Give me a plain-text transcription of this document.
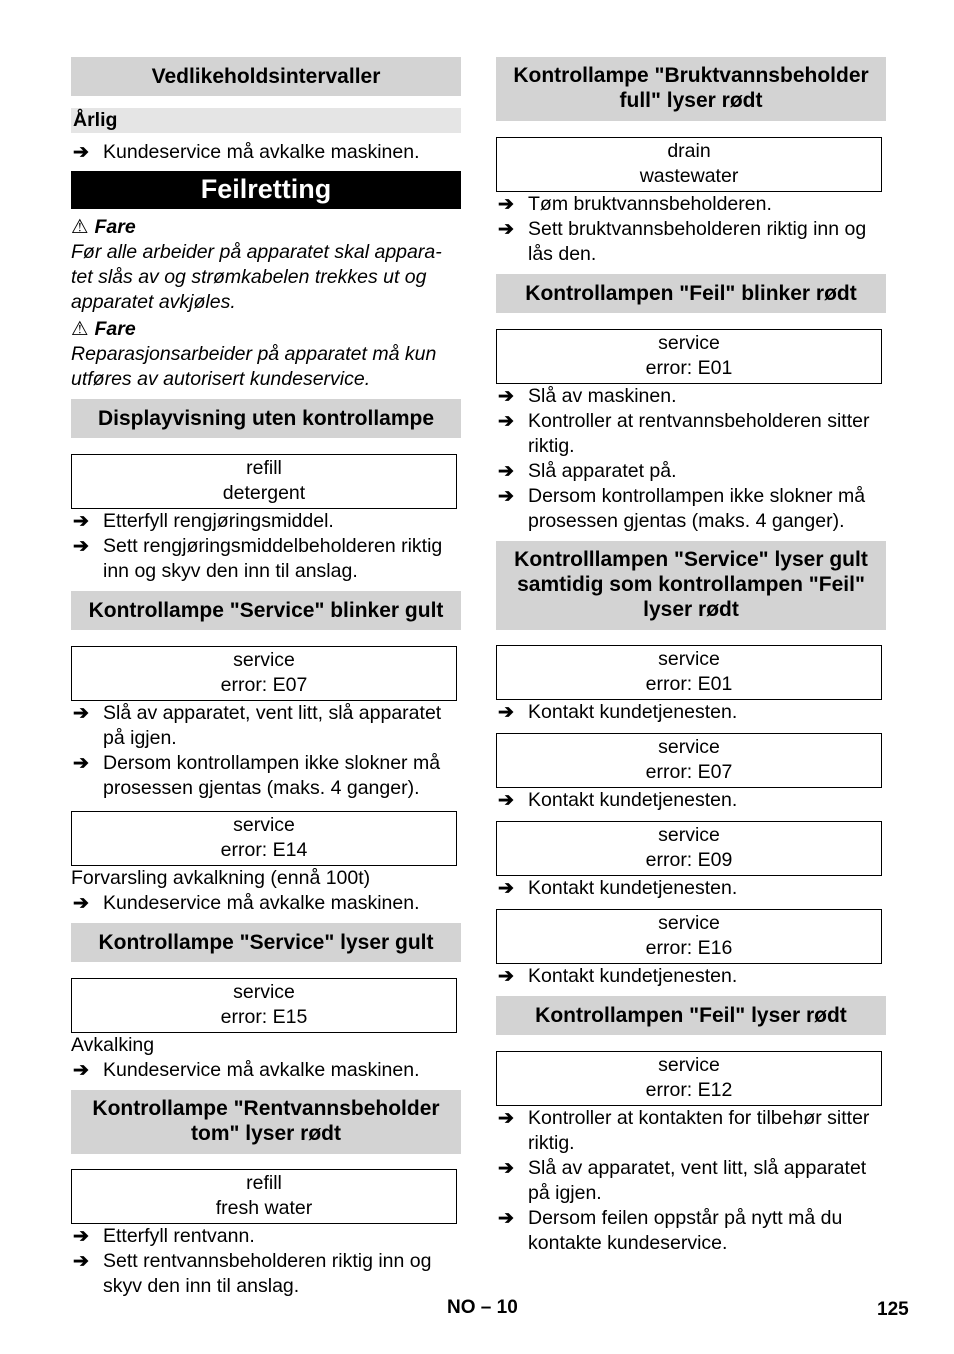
Vedlikeholdsintervaller
Årlig
➔ Kundeservice må avkalke maskinen.
Feilretting
⚠ Fare
Før alle arbeider på apparatet skal appara-
tet slås av og strømkabelen trekkes ut og
apparatet avkjøles.
⚠ Fare
Reparasjonsarbeider på apparatet må kun
utføres av autorisert kundeservice.
Displayvisning uten kontrollampe
refill
detergent
➔ Etterfyll rengjøringsmiddel.
➔ Sett rengjøringsmiddelbeholderen riktig
inn og skyv den inn til anslag.
Kontrollampe "Service" blinker gult
service
error: E07
➔ Slå av apparatet, vent litt, slå apparatet
på igjen.
➔ Dersom kontrollampen ikke slokner må
prosessen gjentas (maks. 4 ganger).
service
error: E14
Forvarsling avkalkning (ennå 100t)
➔ Kundeservice må avkalke maskinen.
Kontrollampe "Service" lyser gult
service
error: E15
Avkalking
➔ Kundeservice må avkalke maskinen.
Kontrollampe "Rentvannsbeholder
tom" lyser rødt
refill
fresh water
➔ Etterfyll rentvann.
➔ Sett rentvannsbeholderen riktig inn og
skyv den inn til anslag.
Kontrollampe "Bruktvannsbeholder
full" lyser rødt
drain
wastewater
➔ Tøm bruktvannsbeholderen.
➔ Sett bruktvannsbeholderen riktig inn og
lås den.
Kontrollampen "Feil" blinker rødt
service
error: E01
➔ Slå av maskinen.
➔ Kontroller at rentvannsbeholderen sitter
riktig.
➔ Slå apparatet på.
➔ Dersom kontrollampen ikke slokner må
prosessen gjentas (maks. 4 ganger).
Kontrolllampen "Service" lyser gult
samtidig som kontrollampen "Feil"
lyser rødt
service
error: E01
➔ Kontakt kundetjenesten.
service
error: E07
➔ Kontakt kundetjenesten.
service
error: E09
➔ Kontakt kundetjenesten.
service
error: E16
➔ Kontakt kundetjenesten.
Kontrollampen "Feil" lyser rødt
service
error: E12
➔ Kontroller at kontakten for tilbehør sitter
riktig.
➔ Slå av apparatet, vent litt, slå apparatet
på igjen.
➔ Dersom feilen oppstår på nytt må du
kontakte kundeservice.
NO – 10	125
